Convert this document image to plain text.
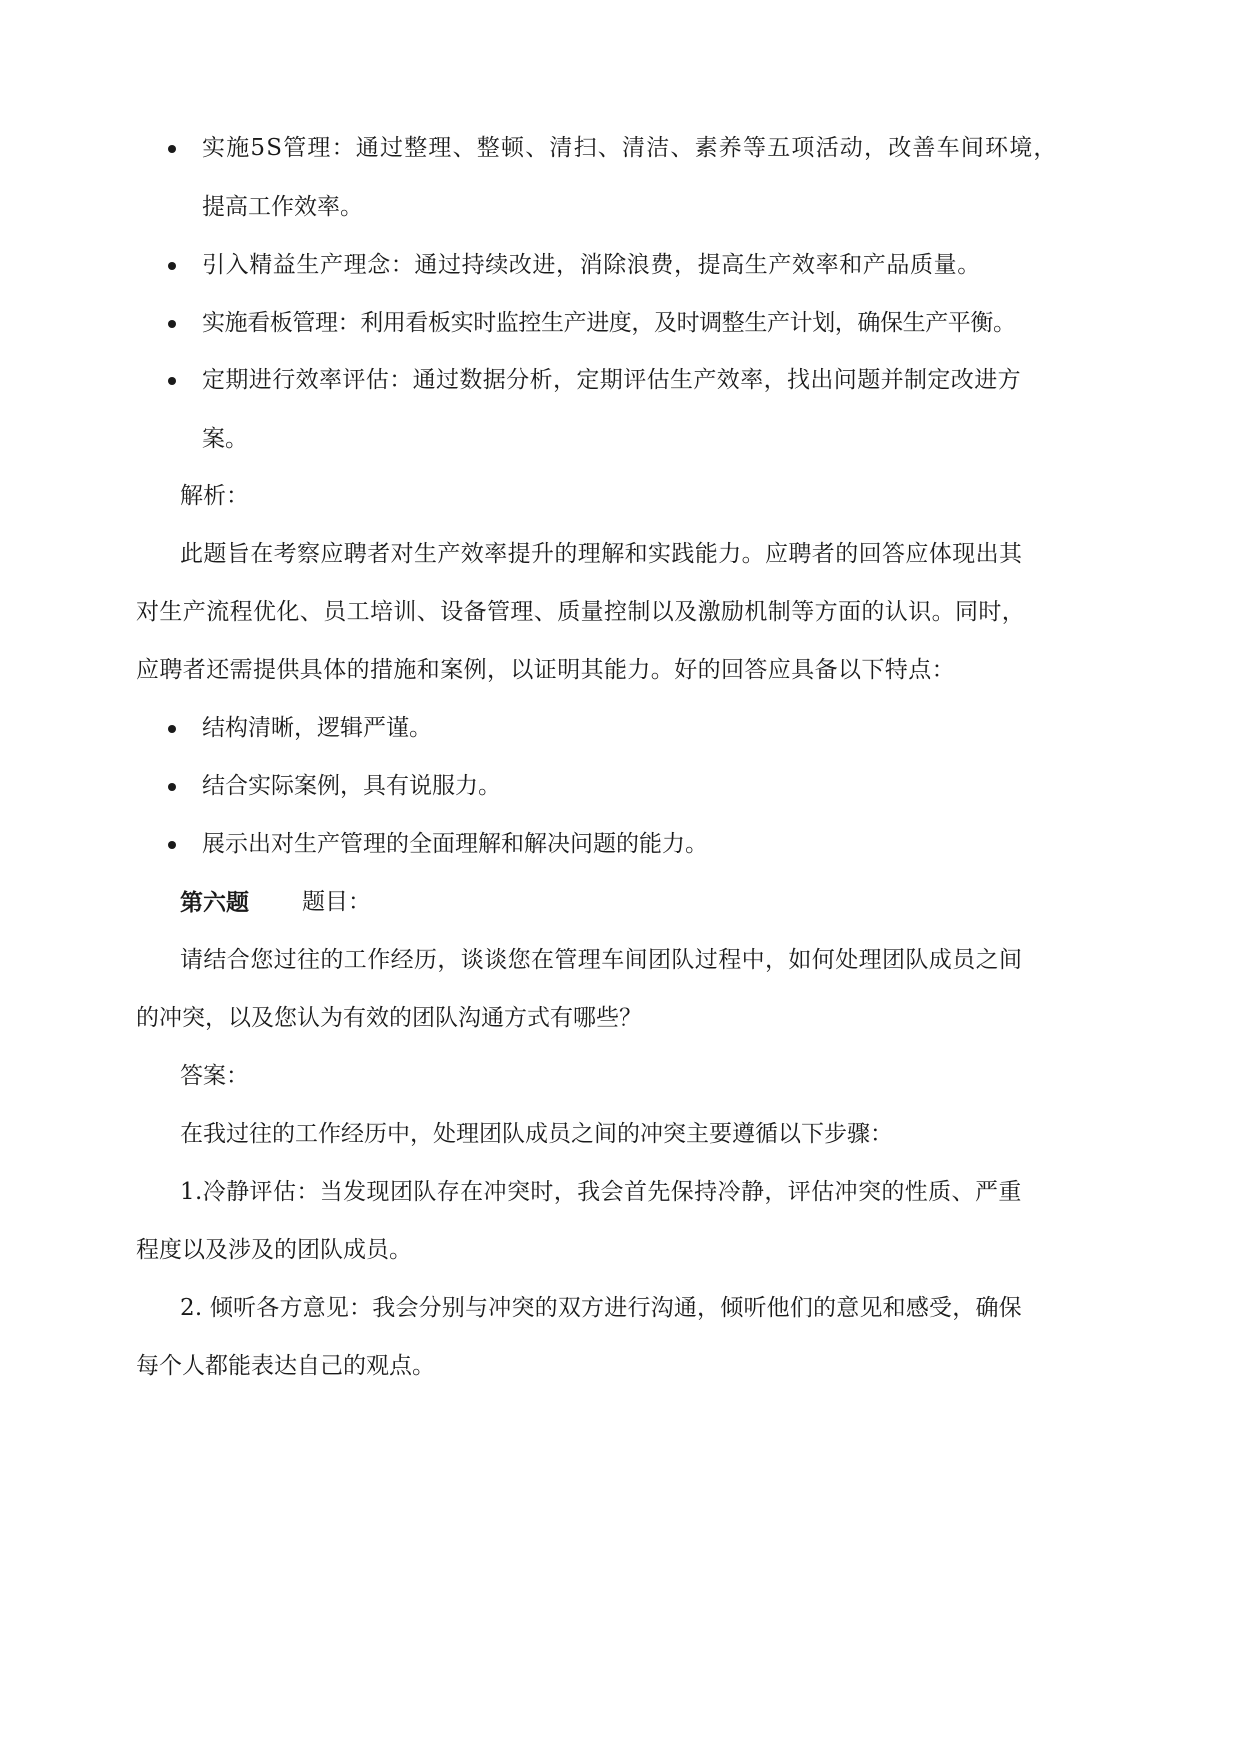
实施5S管理：通过整理、整顿、清扫、清洁、素养等五项活动，改善车间环境，
提高工作效率。
引入精益生产理念：通过持续改进，消除浪费，提高生产效率和产品质量。
实施看板管理：利用看板实时监控生产进度，及时调整生产计划，确保生产平衡。
定期进行效率评估：通过数据分析，定期评估生产效率，找出问题并制定改进方
案。
解析：
此题旨在考察应聘者对生产效率提升的理解和实践能力。应聘者的回答应体现出其
对生产流程优化、员工培训、设备管理、质量控制以及激励机制等方面的认识。同时，
应聘者还需提供具体的措施和案例，以证明其能力。好的回答应具备以下特点：
结构清晰，逻辑严谨。
结合实际案例，具有说服力。
展示出对生产管理的全面理解和解决问题的能力。
第六题 题目：
请结合您过往的工作经历，谈谈您在管理车间团队过程中，如何处理团队成员之间
的冲突，以及您认为有效的团队沟通方式有哪些？
答案：
在我过往的工作经历中，处理团队成员之间的冲突主要遵循以下步骤：
1.冷静评估：当发现团队存在冲突时，我会首先保持冷静，评估冲突的性质、严重
程度以及涉及的团队成员。
2. 倾听各方意见：我会分别与冲突的双方进行沟通，倾听他们的意见和感受，确保
每个人都能表达自己的观点。
